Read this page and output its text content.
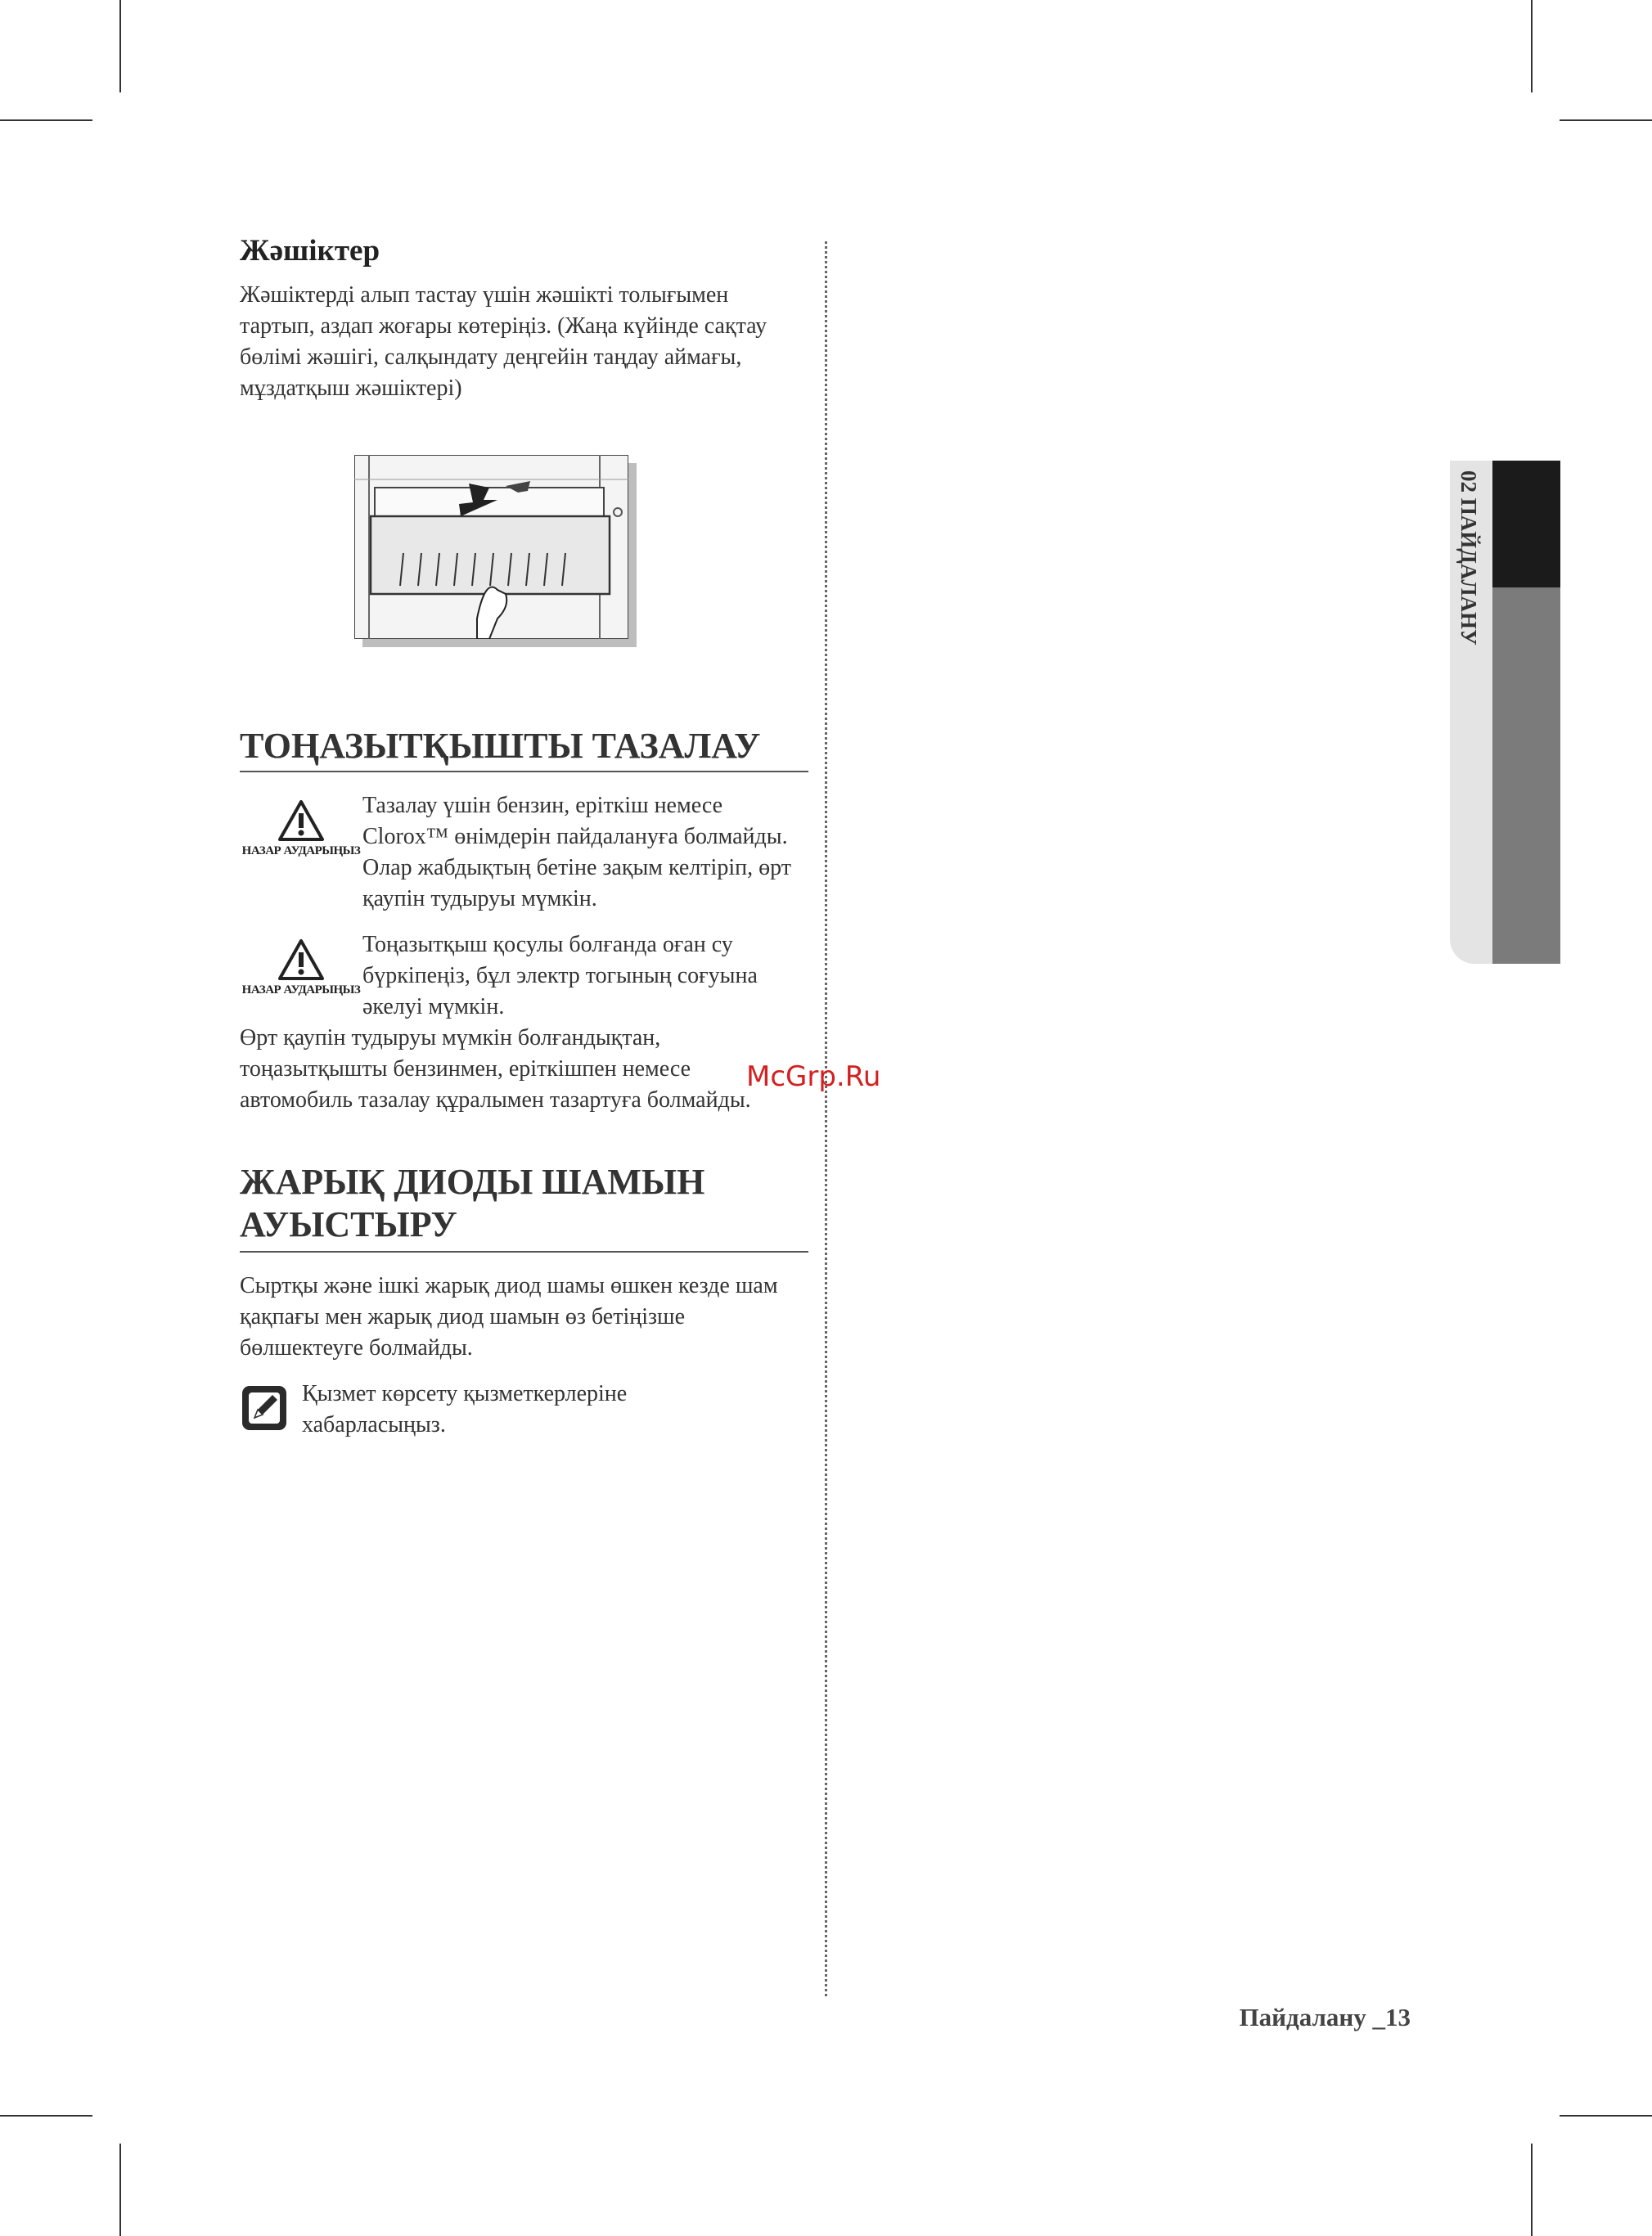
Жәшіктер

Жәшіктерді алып тастау үшін жәшікті толығымен тартып, аздап жоғары көтеріңіз. (Жаңа күйінде сақтау бөлімі жәшігі, салқындату деңгейін таңдау аймағы, мұздатқыш жәшіктері)

ТОҢАЗЫТҚЫШТЫ ТАЗАЛАУ
НАЗАР АУДАРЫҢЫЗ

Тазалау үшін бензин, еріткіш немесе Clorox™ өнімдерін пайдалануға болмайды. Олар жабдықтың бетіне зақым келтіріп, өрт қаупін тудыруы мүмкін.

НАЗАР АУДАРЫҢЫЗ

Тоңазытқыш қосулы болғанда оған су бүркіпеңіз, бұл электр тогының соғуына әкелуі мүмкін.

Өрт қаупін тудыруы мүмкін болғандықтан, тоңазытқышты бензинмен, еріткішпен немесе автомобиль тазалау құралымен тазартуға болмайды.

ЖАРЫҚ ДИОДЫ ШАМЫН АУЫСТЫРУ

Сыртқы және ішкі жарық диод шамы өшкен кезде шам қақпағы мен жарық диод шамын өз бетіңізше бөлшектеуге болмайды.

Қызмет көрсету қызметкерлеріне хабарласыңыз.

McGrp.Ru
02 ПАЙДАЛАНУ
Пайдалану _13
